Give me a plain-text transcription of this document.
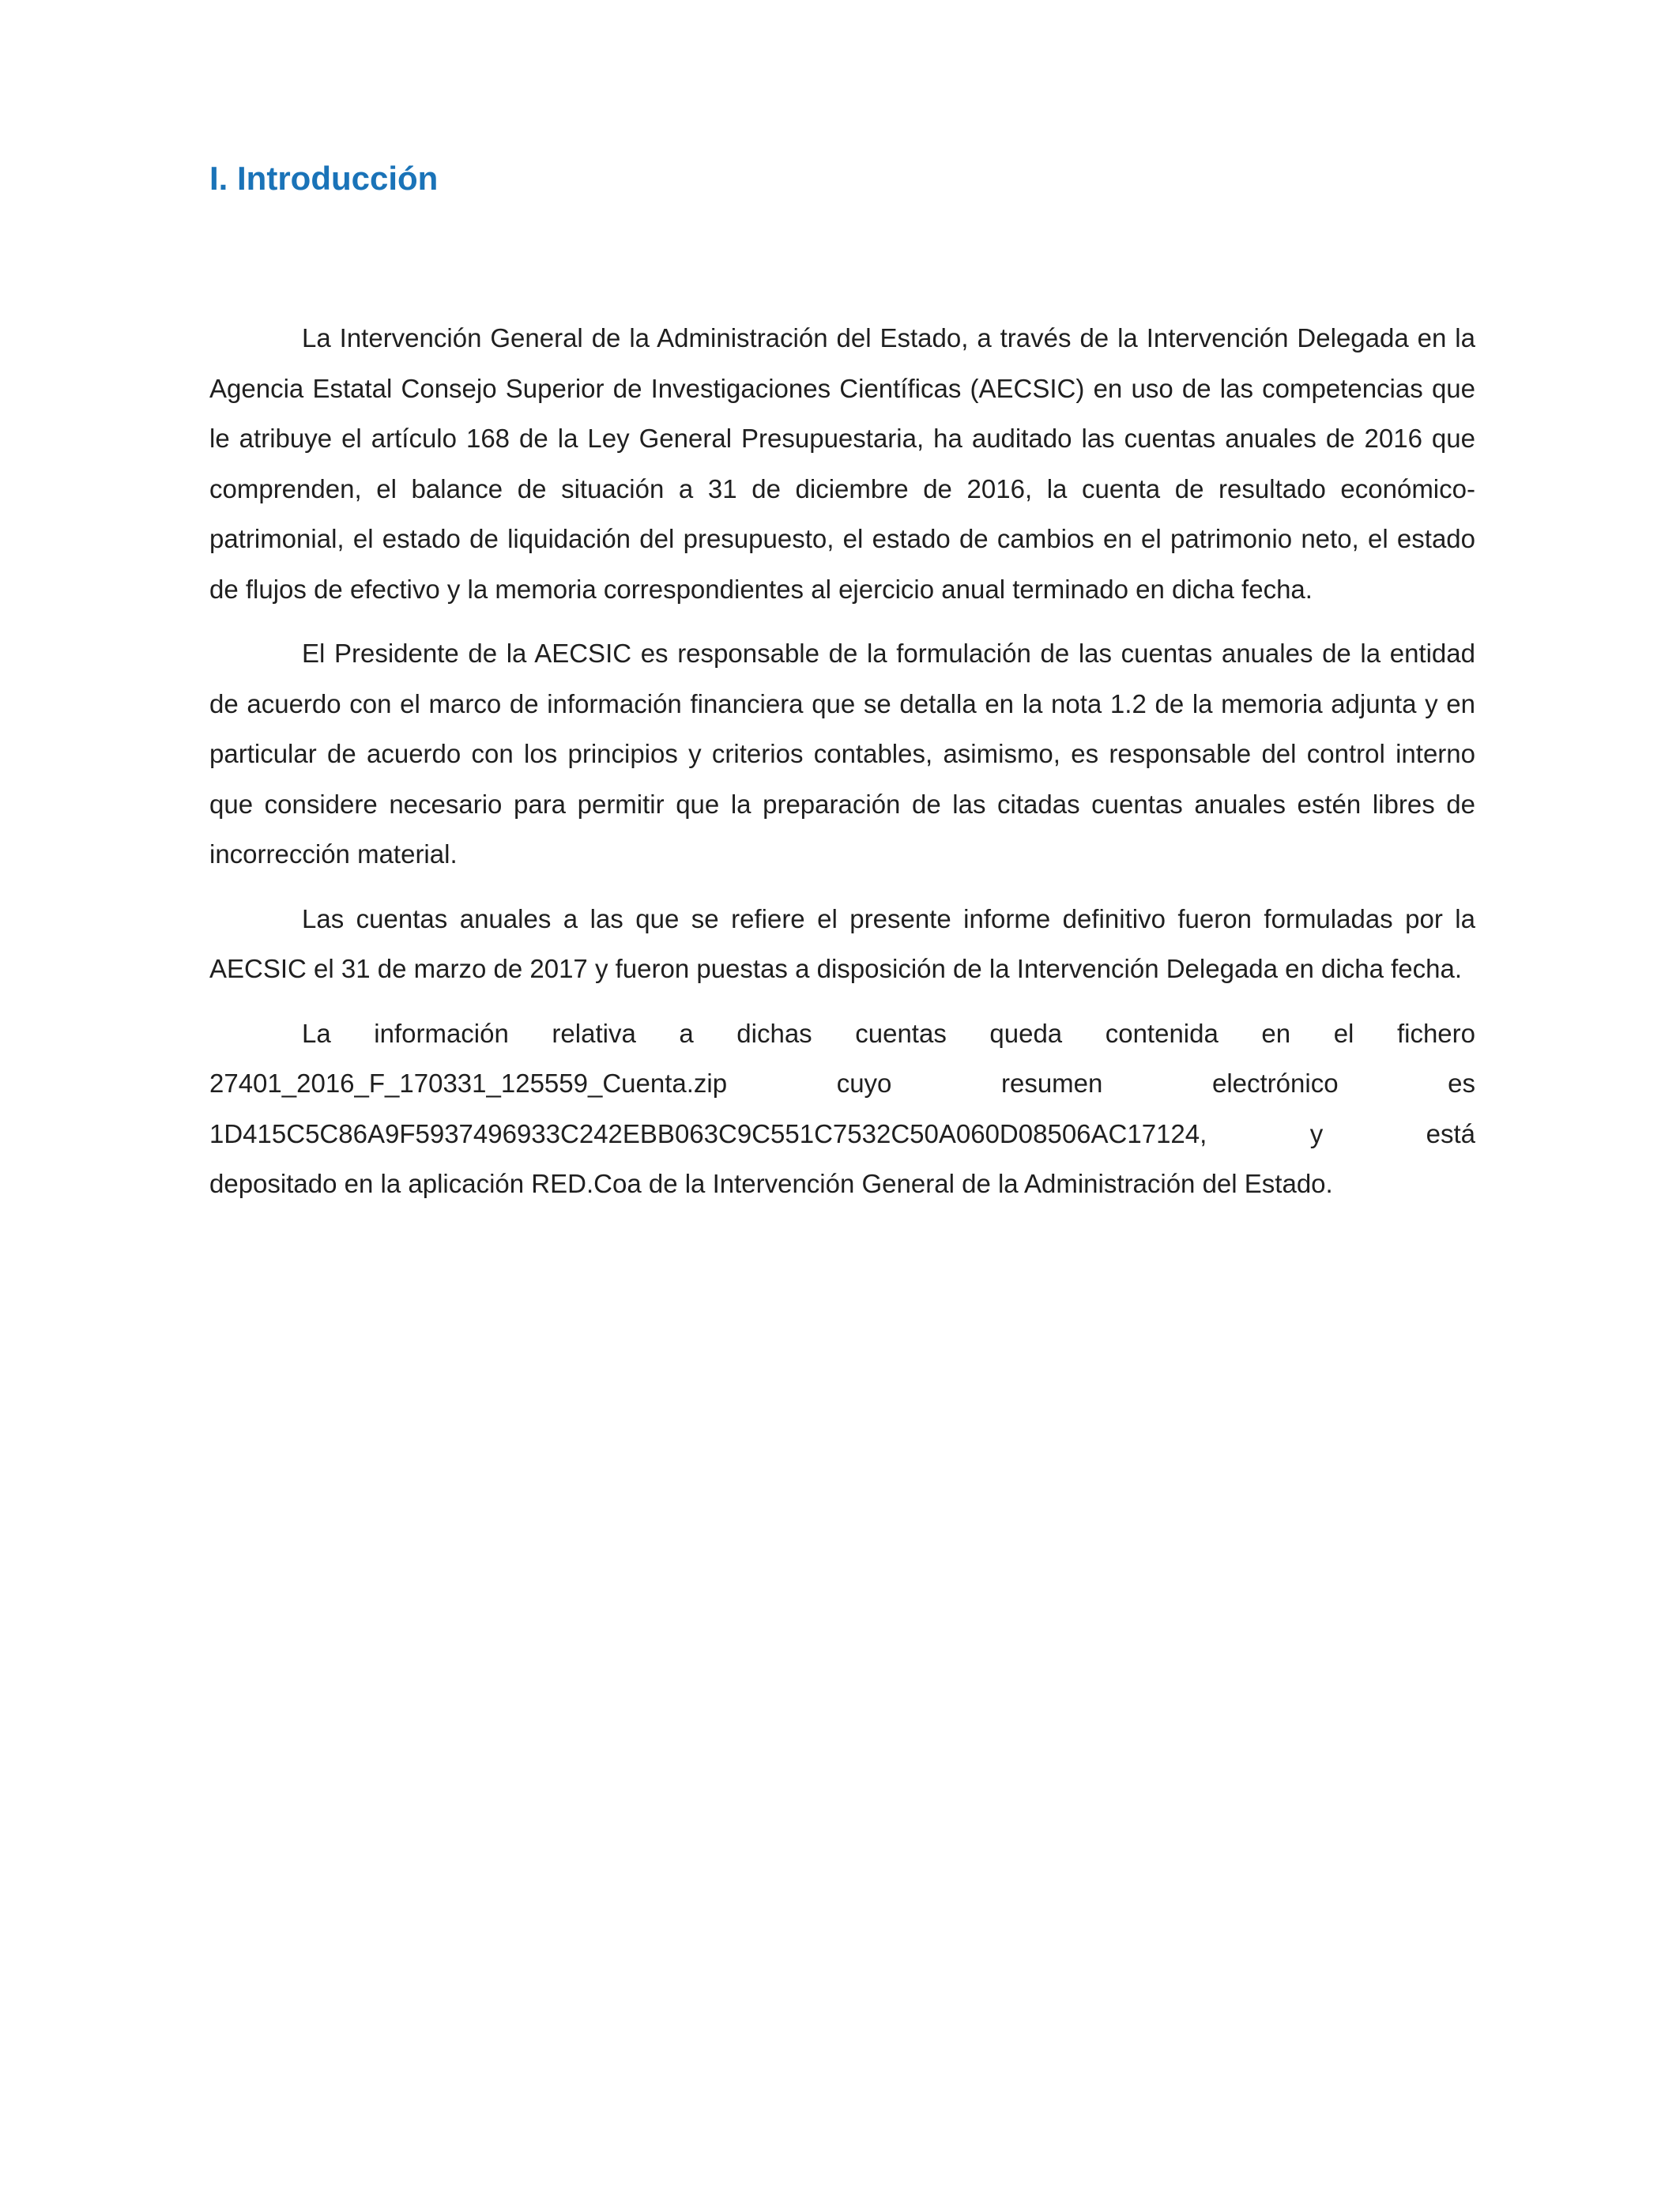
I. Introducción

La Intervención General de la Administración del Estado, a través de la Intervención Delegada en la Agencia Estatal Consejo Superior de Investigaciones Científicas (AECSIC) en uso de las competencias que le atribuye el artículo 168 de la Ley General Presupuestaria, ha auditado las cuentas anuales de 2016 que comprenden, el balance de situación a 31 de diciembre de 2016, la cuenta de resultado económico-patrimonial, el estado de liquidación del presupuesto, el estado de cambios en el patrimonio neto, el estado de flujos de efectivo y la memoria correspondientes al ejercicio anual terminado en dicha fecha.

El Presidente de la AECSIC es responsable de la formulación de las cuentas anuales de la entidad de acuerdo con el marco de información financiera que se detalla en la nota 1.2 de la memoria adjunta y en particular de acuerdo con los principios y criterios contables, asimismo, es responsable del control interno que considere necesario para permitir que la preparación de las citadas cuentas anuales estén libres de incorrección material.

Las cuentas anuales a las que se refiere el presente informe definitivo fueron formuladas por la AECSIC el 31 de marzo de 2017 y fueron puestas a disposición de la Intervención Delegada en dicha fecha.

La información relativa a dichas cuentas queda contenida en el fichero
27401_2016_F_170331_125559_Cuenta.zip cuyo resumen electrónico es
1D415C5C86A9F5937496933C242EBB063C9C551C7532C50A060D08506AC17124, y está

depositado en la aplicación RED.Coa de la Intervención General de la Administración del Estado.
